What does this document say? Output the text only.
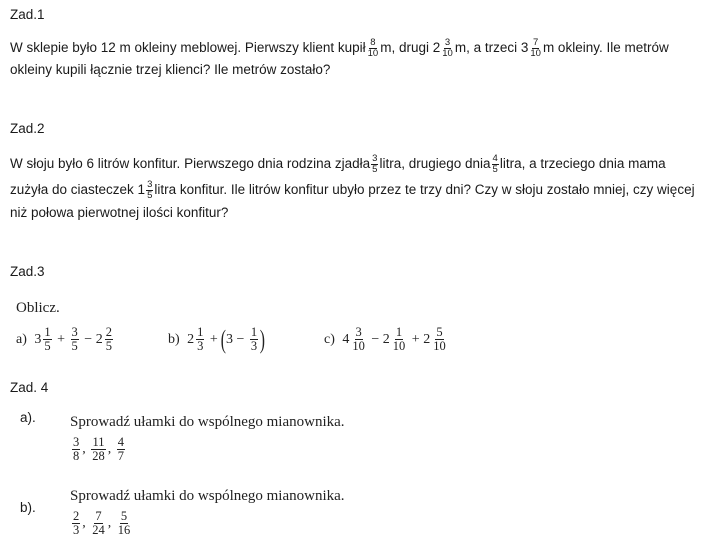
Zad.1
W sklepie było 12 m okleiny meblowej. Pierwszy klient kupił $\frac{8}{10} m$, drugi $2 \frac{3}{10} m$, a trzeci $3 \frac{7}{10}$ m okleiny. Ile metrów
okleiny kupili łącznie trzej klienci? Ile metrów zostało?
Zad.2
W słoju było 6 litrów konfitur. Pierwszego dnia rodzina zjadła $\frac{3}{5}$ litra, drugiego dnia $\frac{4}{5}$ litra, a trzeciego dnia mama
zużyła do ciasteczek $1 \frac{3}{5}$ litra konfitur. Ile litrów konfitur ubyło przez te trzy dni? Czy w słoju zostało mniej, czy więcej
niż połowa pierwotnej ilości konfitur?
Zad.3
Oblicz.
a) $3 \frac{1}{5} + \frac{3}{5} - 2 \frac{2}{5}$	b) $2 \frac{1}{3} + (3 - \frac{1}{3}$ )	c) $4 \frac{3}{10} - 2 \frac{1}{10} + 2 \frac{5}{10}$
Zad. 4
a). Sprowadź ułamki do wspólnego mianownika.
$\frac{3}{8}$ , $\frac{11}{28}$ , $\frac{4}{7}$
b).
Sprowadź ułamki do wspólnego mianownika.
$\frac{2}{3}$ , $\frac{7}{24}$ , $\frac{5}{16}$
